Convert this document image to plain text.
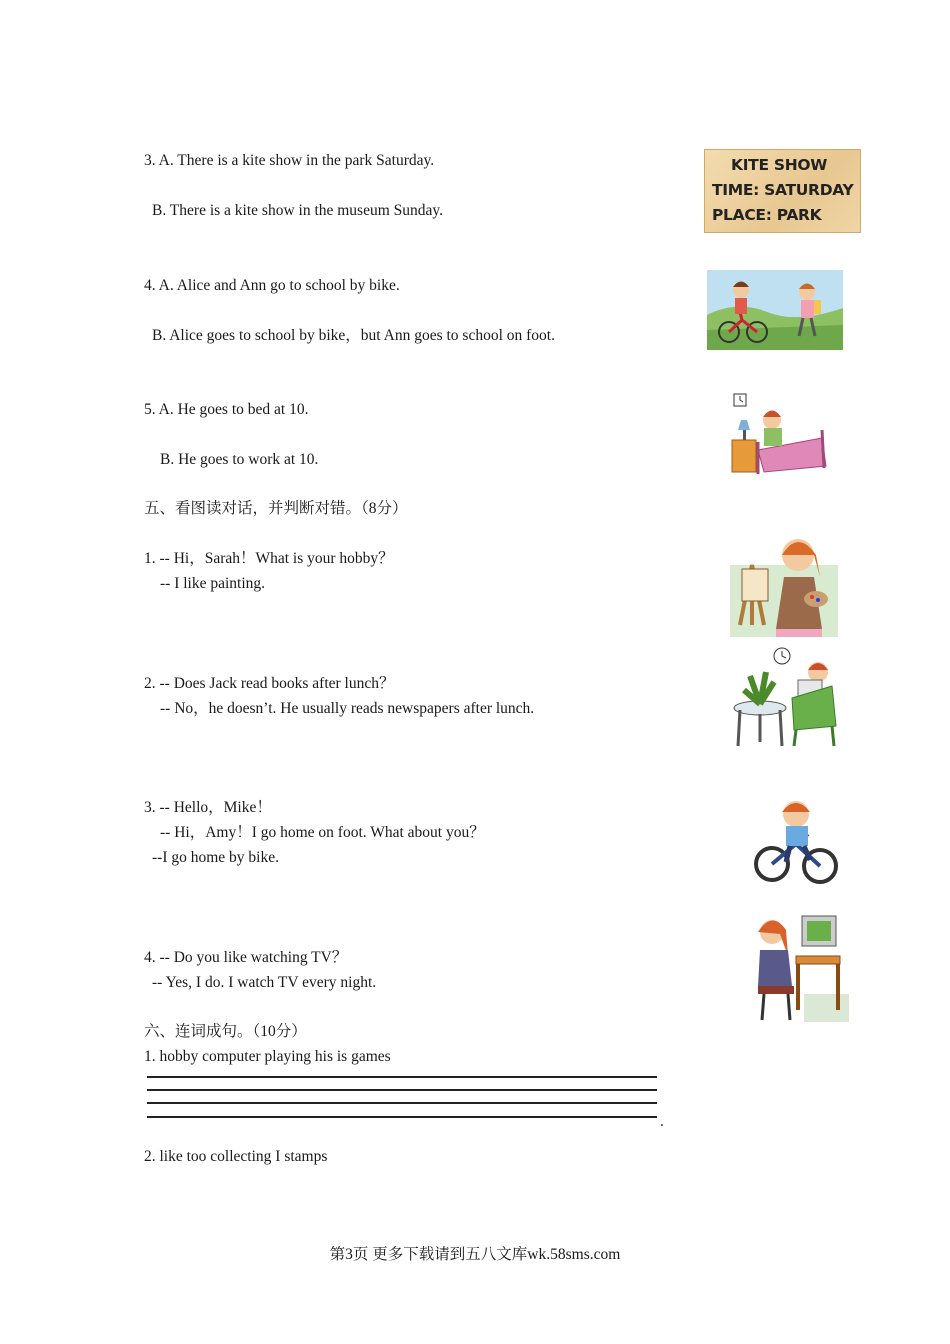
3. A. There is a kite show in the park Saturday.
B. There is a kite show in the museum Sunday.
KITE SHOW
TIME: SATURDAY
PLACE: PARK
4. A. Alice and Ann go to school by bike.
B. Alice goes to school by bike，but Ann goes to school on foot.
5. A. He goes to bed at 10.
B. He goes to work at 10.
五、看图读对话，并判断对错。（8分）
1. -- Hi，Sarah！What is your hobby？
-- I like painting.
2. -- Does Jack read books after lunch？
-- No，he doesn’t. He usually reads newspapers after lunch.
3. -- Hello，Mike！
-- Hi，Amy！I go home on foot. What about you？
--I go home by bike.
4. -- Do you like watching TV？
-- Yes, I do. I watch TV every night.
六、连词成句。（10分）
1. hobby computer playing his is games
.
2. like too collecting I stamps
第3页 更多下载请到五八文库wk.58sms.com
